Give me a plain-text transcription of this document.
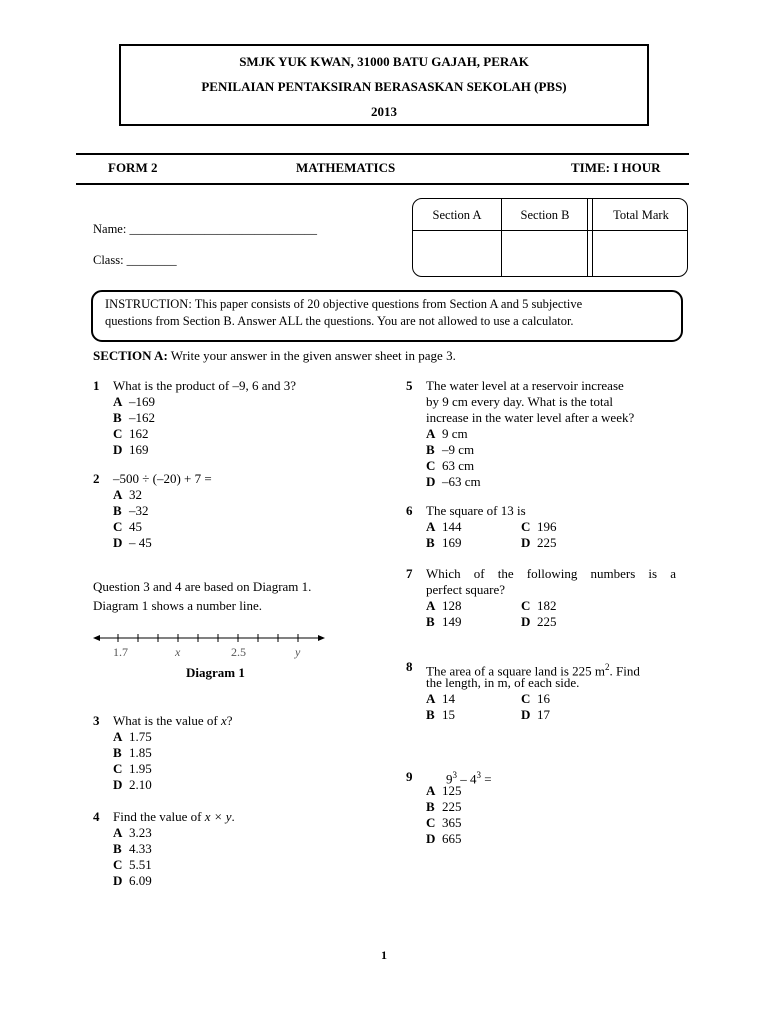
SMJK YUK KWAN, 31000 BATU GAJAH, PERAK
PENILAIAN PENTAKSIRAN BERASASKAN SEKOLAH (PBS)
2013
FORM 2	MATHEMATICS	TIME: I HOUR
Name: ______________________________
Class: ________
Section A	Section B	Total Mark
INSTRUCTION: This paper consists of 20 objective questions from Section A and 5 subjective
questions from Section B. Answer ALL the questions. You are not allowed to use a calculator.
SECTION A: Write your answer in the given answer sheet in page 3.
1 What is the product of –9, 6 and 3?
A –169
B –162
C 162
D 169
2 –500 ÷ (–20) + 7 =
A 32
B –32
C 45
D – 45
Question 3 and 4 are based on Diagram 1.
Diagram 1 shows a number line.
1.7	x	2.5	y
Diagram 1
3 What is the value of x?
A 1.75
B 1.85
C 1.95
D 2.10
4 Find the value of x × y.
A 3.23
B 4.33
C 5.51
D 6.09
5 The water level at a reservoir increase
by 9 cm every day. What is the total
increase in the water level after a week?
A 9 cm
B –9 cm
C 63 cm
D –63 cm
6 The square of 13 is
A 144
B 169
C 196
D 225
7 Which of the following numbers is a
perfect square?
A 128
B 149
C 182
D 225
8 The area of a square land is 225 $m^2$. Find
the length, in m, of each side.
A 14
B 15
C 16
D 17
9	$9^3 - 4^3$ =
A 125
B 225
C 365
D 665
1
